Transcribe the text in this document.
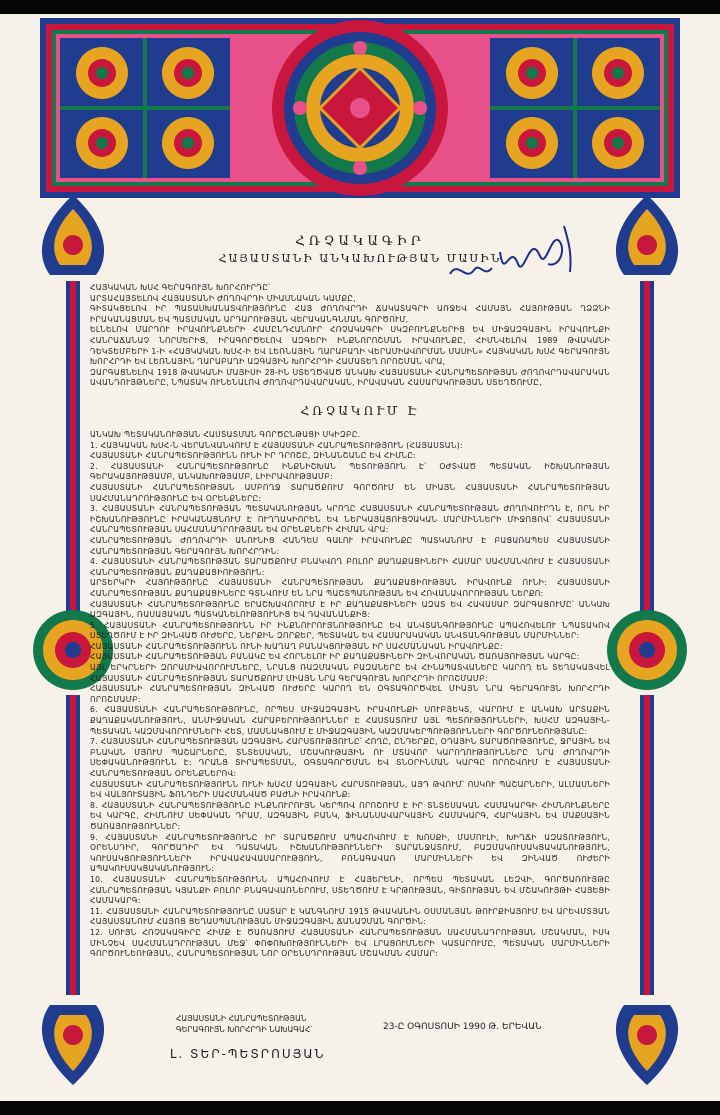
ՀՌՉԱԿԱԳԻՐ
ՀԱՅԱՍՏԱՆԻ ԱՆԿԱԽՈՒԹՅԱՆ ՄԱՍԻՆ

ՀԱՅԿԱԿԱՆ ԽՍՀ ԳԵՐԱԳՈՒՅՆ ԽՈՐՀՈՒՐԴԸ՝

ԱՐՏԱՀԱՅՏԵԼՈՎ ՀԱՅԱՍՏԱՆԻ ԺՈՂՈՎՐԴԻ ՄԻԱՍՆԱԿԱՆ ԿԱՄՔԸ,

ԳԻՏԱԿՑԵԼՈՎ ԻՐ ՊԱՏԱՍԽԱՆԱՏՎՈՒԹՅՈՒՆԸ ՀԱՅ ԺՈՂՈՎՐԴԻ ՃԱԿԱՏԱԳՐԻ ԱՌՋԵՎ ՀԱՄԱՅՆ ՀԱՅՈՒԹՅԱՆ ՂՁՁՆԻ ԻՐԱԿԱՆԱՑՄԱՆ ԵՎ ՊԱՏՄԱԿԱՆ ԱՐԴԱՐՈՒԹՅԱՆ ՎԵՐԱԿԱՆԳՆՄԱՆ ԳՈՐԾՈՒՄ,

ԵԼՆԵԼՈՎ ՄԱՐԴՈՒ ԻՐԱՎՈՒՆՔՆԵՐԻ ՀԱՄԸՆԴՀԱՆՈՒՐ ՀՌՉԱԿԱԳՐԻ ՍԿԶԲՈՒՆՔՆԵՐԻՑ ԵՎ ՄԻՋԱԶԳԱՅԻՆ ԻՐԱՎՈՒՆՔԻ ՀԱՆՐԱՃԱՆԱՉ ՆՈՐՄԵՐԻՑ, ԻՐԱԳՈՐԾԵԼՈՎ ԱԶԳԵՐԻ ԻՆՔՆՈՐՈՇՄԱՆ ԻՐԱՎՈՒՆՔԸ, ՀԻՄՆՎԵԼՈՎ 1989 ԹՎԱԿԱՆԻ ԴԵԿՏԵՄԲԵՐԻ 1-Ի «ՀԱՅԿԱԿԱՆ ԽՍՀ-Ի ԵՎ ԼԵՌՆԱՅԻՆ ՂԱՐԱԲԱՂԻ ՎԵՐԱՄԻԱՎՈՐՄԱՆ ՄԱՍԻՆ» ՀԱՅԿԱԿԱՆ ԽՍՀ ԳԵՐԱԳՈՒՅՆ ԽՈՐՀՐԴԻ ԵՎ ԼԵՌՆԱՅԻՆ ՂԱՐԱԲԱՂԻ ԱԶԳԱՅԻՆ ԽՈՐՀՐԴԻ ՀԱՄԱՏԵՂ ՈՐՈՇՄԱՆ ՎՐԱ,

ԶԱՐԳԱՑՆԵԼՈՎ 1918 ԹՎԱԿԱՆԻ ՄԱՅԻՍԻ 28-ԻՆ ՍՏԵՂԾՎԱԾ ԱՆԿԱԽ ՀԱՅԱՍՏԱՆԻ ՀԱՆՐԱՊԵՏՈՒԹՅԱՆ ԺՈՂՈՎՐԴԱՎԱՐԱԿԱՆ ԱՎԱՆԴՈՒՅԹՆԵՐԸ, ՆՊԱՏԱԿ ՈՒՆԵՆԱԼՈՎ ԺՈՂՈՎՐԴԱՎԱՐԱԿԱՆ, ԻՐԱՎԱԿԱՆ ՀԱՍԱՐԱԿՈՒԹՅԱՆ ՍՏԵՂԾՈՒՄԸ,

ՀՌՉԱԿՈՒՄ Է

ԱՆԿԱԽ ՊԵՏԱԿԱՆՈՒԹՅԱՆ ՀԱՍՏԱՏՄԱՆ ԳՈՐԾԸՆԹԱՑԻ ՍԿԻԶԲԸ.

1. ՀԱՅԿԱԿԱՆ ԽՍՀ-Ն ՎԵՐԱՆՎԱՆՎՈՒՄ Է ՀԱՅԱՍՏԱՆԻ ՀԱՆՐԱՊԵՏՈՒԹՅՈՒՆ (ՀԱՅԱՍՏԱՆ):

ՀԱՅԱՍՏԱՆԻ ՀԱՆՐԱՊԵՏՈՒԹՅՈՒՆՆ ՈՒՆԻ ԻՐ ԴՐՈՇԸ, ԶԻՆԱՆՇԱՆԸ ԵՎ ՀԻՄՆԸ:

2. ՀԱՅԱՍՏԱՆԻ ՀԱՆՐԱՊԵՏՈՒԹՅՈՒՆԸ ԻՆՔՆԻՇԽԱՆ ՊԵՏՈՒԹՅՈՒՆ Է՝ ՕԺՏՎԱԾ ՊԵՏԱԿԱՆ ԻՇԽԱՆՈՒԹՅԱՆ ԳԵՐԱԿԱՅՈՒԹՅԱՄԲ, ԱՆԿԱԽՈՒԹՅԱՄԲ, ԼԻԻՐԱՎՈՒԹՅԱՄԲ:

ՀԱՅԱՍՏԱՆԻ ՀԱՆՐԱՊԵՏՈՒԹՅԱՆ ԱՄԲՈՂՋ ՏԱՐԱԾՔՈՒՄ ԳՈՐԾՈՒՄ ԵՆ ՄԻԱՅՆ ՀԱՅԱՍՏԱՆԻ ՀԱՆՐԱՊԵՏՈՒԹՅԱՆ ՍԱՀՄԱՆԱԴՐՈՒԹՅՈՒՆԸ ԵՎ ՕՐԵՆՔՆԵՐԸ:

3. ՀԱՅԱՍՏԱՆԻ ՀԱՆՐԱՊԵՏՈՒԹՅԱՆ ՊԵՏԱԿԱՆՈՒԹՅԱՆ ԿՐՈՂԸ ՀԱՅԱՍՏԱՆԻ ՀԱՆՐԱՊԵՏՈՒԹՅԱՆ ԺՈՂՈՎՈՒՐԴՆ Է, ՈՐՆ ԻՐ ԻՇԽԱՆՈՒԹՅՈՒՆԸ ԻՐԱԿԱՆԱՑՆՈՒՄ Է ՈՒՂՂԱԿԻՈՐԵՆ ԵՎ ՆԵՐԿԱՅԱՑՈՒՑՉԱԿԱՆ ՄԱՐՄԻՆՆԵՐԻ ՄԻՋՈՑՈՎ՝ ՀԱՅԱՍՏԱՆԻ ՀԱՆՐԱՊԵՏՈՒԹՅԱՆ ՍԱՀՄԱՆԱԴՐՈՒԹՅԱՆ ԵՎ ՕՐԵՆՔՆԵՐԻ ՀԻՄԱՆ ՎՐԱ:

ՀԱՆՐԱՊԵՏՈՒԹՅԱՆ ԺՈՂՈՎՐԴԻ ԱՆՈՒՆԻՑ ՀԱՆԴԵՍ ԳԱԼՈՒ ԻՐԱՎՈՒՆՔԸ ՊԱՏԿԱՆՈՒՄ Է ԲԱՑԱՌԱՊԵՍ ՀԱՅԱՍՏԱՆԻ ՀԱՆՐԱՊԵՏՈՒԹՅԱՆ ԳԵՐԱԳՈՒՅՆ ԽՈՐՀՐԴԻՆ:

4. ՀԱՅԱՍՏԱՆԻ ՀԱՆՐԱՊԵՏՈՒԹՅԱՆ ՏԱՐԱԾՔՈՒՄ ԲՆԱԿՎՈՂ ԲՈԼՈՐ ՔԱՂԱՔԱՑԻՆԵՐԻ ՀԱՄԱՐ ՍԱՀՄԱՆՎՈՒՄ Է ՀԱՅԱՍՏԱՆԻ ՀԱՆՐԱՊԵՏՈՒԹՅԱՆ ՔԱՂԱՔԱՑԻՈՒԹՅՈՒՆ:

ԱՐՏԵՐԿՐԻ ՀԱՅՈՒԹՅՈՒՆԸ ՀԱՅԱՍՏԱՆԻ ՀԱՆՐԱՊԵՏՈՒԹՅԱՆ ՔԱՂԱՔԱՑԻՈՒԹՅԱՆ ԻՐԱՎՈՒՆՔ ՈՒՆԻ: ՀԱՅԱՍՏԱՆԻ ՀԱՆՐԱՊԵՏՈՒԹՅԱՆ ՔԱՂԱՔԱՑԻՆԵՐԸ ԳՏՆՎՈՒՄ ԵՆ ՆՐԱ ՊԱՇՏՊԱՆՈՒԹՅԱՆ ԵՎ ՀՈՎԱՆԱՎՈՐՈՒԹՅԱՆ ՆԵՐՔՈ:

ՀԱՅԱՍՏԱՆԻ ՀԱՆՐԱՊԵՏՈՒԹՅՈՒՆԸ ԵՐԱՇԽԱՎՈՐՈՒՄ Է ԻՐ ՔԱՂԱՔԱՑԻՆԵՐԻ ԱԶԱՏ ԵՎ ՀԱՎԱՍԱՐ ԶԱՐԳԱՑՈՒՄԸ՝ ԱՆԿԱԽ ԱԶԳԱՅԻՆ, ՌԱՍԱՅԱԿԱՆ ՊԱՏԿԱՆԵԼՈՒԹՅՈՒՆԻՑ ԵՎ ԴԱՎԱՆԱՆՔԻՑ:

5. ՀԱՅԱՍՏԱՆԻ ՀԱՆՐԱՊԵՏՈՒԹՅՈՒՆՆ ԻՐ ԻՆՔՆՈՒՐՈՒՅՆՈՒԹՅՈՒՆԸ ԵՎ ԱՆՎՏԱՆԳՈՒԹՅՈՒՆԸ ԱՊԱՀՈՎԵԼՈՒ ՆՊԱՏԱԿՈՎ ՍՏԵՂԾՈՒՄ Է ԻՐ ԶԻՆՎԱԾ ՈՒԺԵՐԸ, ՆԵՐՔԻՆ ԶՈՐՔԵՐ, ՊԵՏԱԿԱՆ ԵՎ ՀԱՍԱՐԱԿԱԿԱՆ ԱՆՎՏԱՆԳՈՒԹՅԱՆ ՄԱՐՄԻՆՆԵՐ:

ՀԱՅԱՍՏԱՆԻ ՀԱՆՐԱՊԵՏՈՒԹՅՈՒՆՆ ՈՒՆԻ ԽԱՂԱՂ ԲԱՆԱԿՑՈՒԹՅԱՆ ԻՐ ՍԱՀՄԱՆԱԿԱՆ ԻՐԱՎՈՒՆՔԸ:

ՀԱՅԱՍՏԱՆԻ ՀԱՆՐԱՊԵՏՈՒԹՅԱՆ ԲԱՆԱԿԸ ԵՎ ՀՈՐՆԵԼՈՒ ԻՐ ՔԱՂԱՔԱՑԻՆԵՐԻ ԶԻՆՎՈՐԱԿԱՆ ԾԱՌԱՅՈՒԹՅԱՆ ԿԱՐԳԸ:

ԱՅԼ ԵՐԿՐՆԵՐԻ ԶՈՐԱՄԻԱՎՈՐՈՒՄՆԵՐԸ, ՆՐԱՆՑ ՌԱԶՄԱԿԱՆ ԲԱԶԱՆԵՐԸ ԵՎ ՀԻՆԱՊԱՏՎԱՆԵՐԸ ԿԱՐՈՂ ԵՆ ՏԵՂԱԿԱՅՎԵԼ ՀԱՅԱՍՏԱՆԻ ՀԱՆՐԱՊԵՏՈՒԹՅԱՆ ՏԱՐԱԾՔՈՒՄ ՄԻԱՅՆ ՆՐԱ ԳԵՐԱԳՈՒՅՆ ԽՈՐՀՐԴԻ ՈՐՈՇՄԱՄԲ:

ՀԱՅԱՍՏԱՆԻ ՀԱՆՐԱՊԵՏՈՒԹՅԱՆ ԶԻՆՎԱԾ ՈՒԺԵՐԸ ԿԱՐՈՂ ԵՆ ՕԳՏԱԳՈՐԾՎԵԼ ՄԻԱՅՆ ՆՐԱ ԳԵՐԱԳՈՒՅՆ ԽՈՐՀՐԴԻ ՈՐՈՇՄԱՄԲ:

6. ՀԱՅԱՍՏԱՆԻ ՀԱՆՐԱՊԵՏՈՒԹՅՈՒՆԸ, ՈՐՊԵՍ ՄԻՋԱԶԳԱՅԻՆ ԻՐԱՎՈՒՆՔԻ ՍՈՒԲՅԵԿՏ, ՎԱՐՈՒՄ Է ԱՆԿԱԽ ԱՐՏԱՔԻՆ ՔԱՂԱՔԱԿԱՆՈՒԹՅՈՒՆ, ԱՆՄԻՋԱԿԱՆ ՀԱՐԱԲԵՐՈՒԹՅՈՒՆՆԵՐ Է ՀԱՍՏԱՏՈՒՄ ԱՅԼ ՊԵՏՈՒԹՅՈՒՆՆԵՐԻ, ԽՍՀՄ ԱԶԳԱՅԻՆ-ՊԵՏԱԿԱՆ ԿԱԶՄԱՎՈՐՈՒՄՆԵՐԻ ՀԵՏ, ՄԱՍՆԱԿՑՈՒՄ Է ՄԻՋԱԶԳԱՅԻՆ ԿԱԶՄԱԿԵՐՊՈՒԹՅՈՒՆՆԵՐԻ ԳՈՐԾՈՒՆԵՈՒԹՅԱՆԸ:

7. ՀԱՅԱՍՏԱՆԻ ՀԱՆՐԱՊԵՏՈՒԹՅԱՆ ԱԶԳԱՅԻՆ ՀԱՐՍՏՈՒԹՅՈՒՆԸ՝ ՀՈՂԸ, ԸՆԴԵՐՔԸ, ՕԴԱՅԻՆ ՏԱՐԱԾՈՒԹՅՈՒՆԸ, ՋՐԱՅԻՆ ԵՎ ԲՆԱԿԱՆ ՄՅՈՒՍ ՊԱՇԱՐՆԵՐԸ, ՏՆՏԵՍԱԿԱՆ, ՄՇԱԿՈՒԹԱՅԻՆ ՈՒ ՄՏԱՎՈՐ ԿԱՐՈՂՈՒԹՅՈՒՆՆԵՐԸ ՆՐԱ ԺՈՂՈՎՐԴԻ ՍԵՓԱԿԱՆՈՒԹՅՈՒՆՆ Է: ԴՐԱՆՑ ՏԻՐԱՊԵՏՄԱՆ, ՕԳՏԱԳՈՐԾՄԱՆ ԵՎ ՏՆՕՐԻՆՄԱՆ ԿԱՐԳԸ ՈՐՈՇՎՈՒՄ Է ՀԱՅԱՍՏԱՆԻ ՀԱՆՐԱՊԵՏՈՒԹՅԱՆ ՕՐԵՆՔՆԵՐՈՎ:

ՀԱՅԱՍՏԱՆԻ ՀԱՆՐԱՊԵՏՈՒԹՅՈՒՆՆ ՈՒՆԻ ԽՍՀՄ ԱԶԳԱՅԻՆ ՀԱՐՍՏՈՒԹՅԱՆ, ԱՅԴ ԹՎՈՒՄ՝ ՈՍԿՈՒ ՊԱՇԱՐՆԵՐԻ, ԱԼՄԱՍՆԵՐԻ ԵՎ ՎԱԼՅՈՒՏԱՅԻՆ ՖՈՆԴԵՐԻ ՍԱՀՄԱՆՎԱԾ ԲԱԺՆԻ ԻՐԱՎՈՒՆՔ:

8. ՀԱՅԱՍՏԱՆԻ ՀԱՆՐԱՊԵՏՈՒԹՅՈՒՆԸ ԻՆՔՆՈՒՐՈՒՅՆ ԿԵՐՊՈՎ ՈՐՈՇՈՒՄ Է ԻՐ ՏՆՏԵՍԱԿԱՆ ՀԱՄԱԿԱՐԳԻ ՀԻՄՆՈՒՆՔՆԵՐԸ ԵՎ ԿԱՐԳԸ, ՀԻՄՆՈՒՄ ՍԵՓԱԿԱՆ ԴՐԱՄ, ԱԶԳԱՅԻՆ ԲԱՆԿ, ՖԻՆԱՆՍԱՎԱՐԿԱՅԻՆ ՀԱՄԱԿԱՐԳ, ՀԱՐԿԱՅԻՆ ԵՎ ՄԱՔՍԱՅԻՆ ԾԱՌԱՅՈՒԹՅՈՒՆՆԵՐ:

9. ՀԱՅԱՍՏԱՆԻ ՀԱՆՐԱՊԵՏՈՒԹՅՈՒՆԸ ԻՐ ՏԱՐԱԾՔՈՒՄ ԱՊԱՀՈՎՈՒՄ Է ԽՈՍՔԻ, ՄԱՄՈՒԼԻ, ԽԻՂՃԻ ԱԶԱՏՈՒԹՅՈՒՆ, ՕՐԵՆՍԴԻՐ, ԳՈՐԾԱԴԻՐ ԵՎ ԴԱՏԱԿԱՆ ԻՇԽԱՆՈՒԹՅՈՒՆՆԵՐԻ ՏԱՐԱՆՋԱՏՈՒՄ, ԲԱԶՄԱԿՈՒՍԱԿՑԱԿԱՆՈՒԹՅՈՒՆ, ԿՈՒՍԱԿՑՈՒԹՅՈՒՆՆԵՐԻ ԻՐԱՎԱՀԱՎԱՍԱՐՈՒԹՅՈՒՆ, ԲՌՆԱԳԱՎԱՌ ՄԱՐՄԻՆՆԵՐԻ ԵՎ ԶԻՆՎԱԾ ՈՒԺԵՐԻ ԱՊԱԿՈՒՍԱԿՑԱԿԱՆՈՒԹՅՈՒՆ:

10. ՀԱՅԱՍՏԱՆԻ ՀԱՆՐԱՊԵՏՈՒԹՅՈՒՆՆ ԱՊԱՀՈՎՈՒՄ Է ՀԱՅԵՐԵՆԻ, ՈՐՊԵՍ ՊԵՏԱԿԱՆ ԼԵԶՎԻ, ԳՈՐԾԱՌՈՒՅԹԸ ՀԱՆՐԱՊԵՏՈՒԹՅԱՆ ԿՅԱՆՔԻ ԲՈԼՈՐ ԲՆԱԳԱՎԱՌՆԵՐՈՒՄ, ՍՏԵՂԾՈՒՄ Է ԿՐԹՈՒԹՅԱՆ, ԳԻՏՈՒԹՅԱՆ ԵՎ ՄՇԱԿՈՒՅԹԻ ՀԱՅԵՑԻ ՀԱՄԱԿԱՐԳ:

11. ՀԱՅԱՍՏԱՆԻ ՀԱՆՐԱՊԵՏՈՒԹՅՈՒՆԸ ՍԱՏԱՐ Է ԿԱՆԳՆՈՒՄ 1915 ԹՎԱԿԱՆԻՆ ՕՍՄԱՆՅԱՆ ԹՈՒՐՔԻԱՅՈՒՄ ԵՎ ԱՐԵՎՄՏՅԱՆ ՀԱՅԱՍՏԱՆՈՒՄ ՀԱՅՈՑ ՑԵՂԱՍՊԱՆՈՒԹՅԱՆ ՄԻՋԱԶԳԱՅԻՆ ՃԱՆԱՉՄԱՆ ԳՈՐԾԻՆ:

12. ՍՈՒՅՆ ՀՌՉԱԿԱԳԻՐԸ ՀԻՄՔ Է ԾԱՌԱՅՈՒՄ ՀԱՅԱՍՏԱՆԻ ՀԱՆՐԱՊԵՏՈՒԹՅԱՆ ՍԱՀՄԱՆԱԴՐՈՒԹՅԱՆ ՄՇԱԿՄԱՆ, ԻՍԿ ՄԻՆՉԵՎ ՍԱՀՄԱՆԱԴՐՈՒԹՅԱՆ ՄԵՋ՝ ՓՈՓՈԽՈՒԹՅՈՒՆՆԵՐԻ ԵՎ ԼՐԱՑՈՒՄՆԵՐԻ ԿԱՏԱՐՈՒՄԸ, ՊԵՏԱԿԱՆ ՄԱՐՄԻՆՆԵՐԻ ԳՈՐԾՈՒՆԵՈՒԹՅԱՆ, ՀԱՆՐԱՊԵՏՈՒԹՅԱՆ ՆՈՐ ՕՐԵՆՍԴՐՈՒԹՅԱՆ ՄՇԱԿՄԱՆ ՀԱՄԱՐ:

ՀԱՅԱՍՏԱՆԻ ՀԱՆՐԱՊԵՏՈՒԹՅԱՆ
ԳԵՐԱԳՈՒՅՆ ԽՈՐՀՐԴԻ ՆԱԽԱԳԱՀ՝	23-Ը ՕԳՈՍՏՈՍԻ 1990 Թ. ԵՐԵՎԱՆ
Լ. ՏԵՐ-ՊԵՏՐՈՍՅԱՆ
